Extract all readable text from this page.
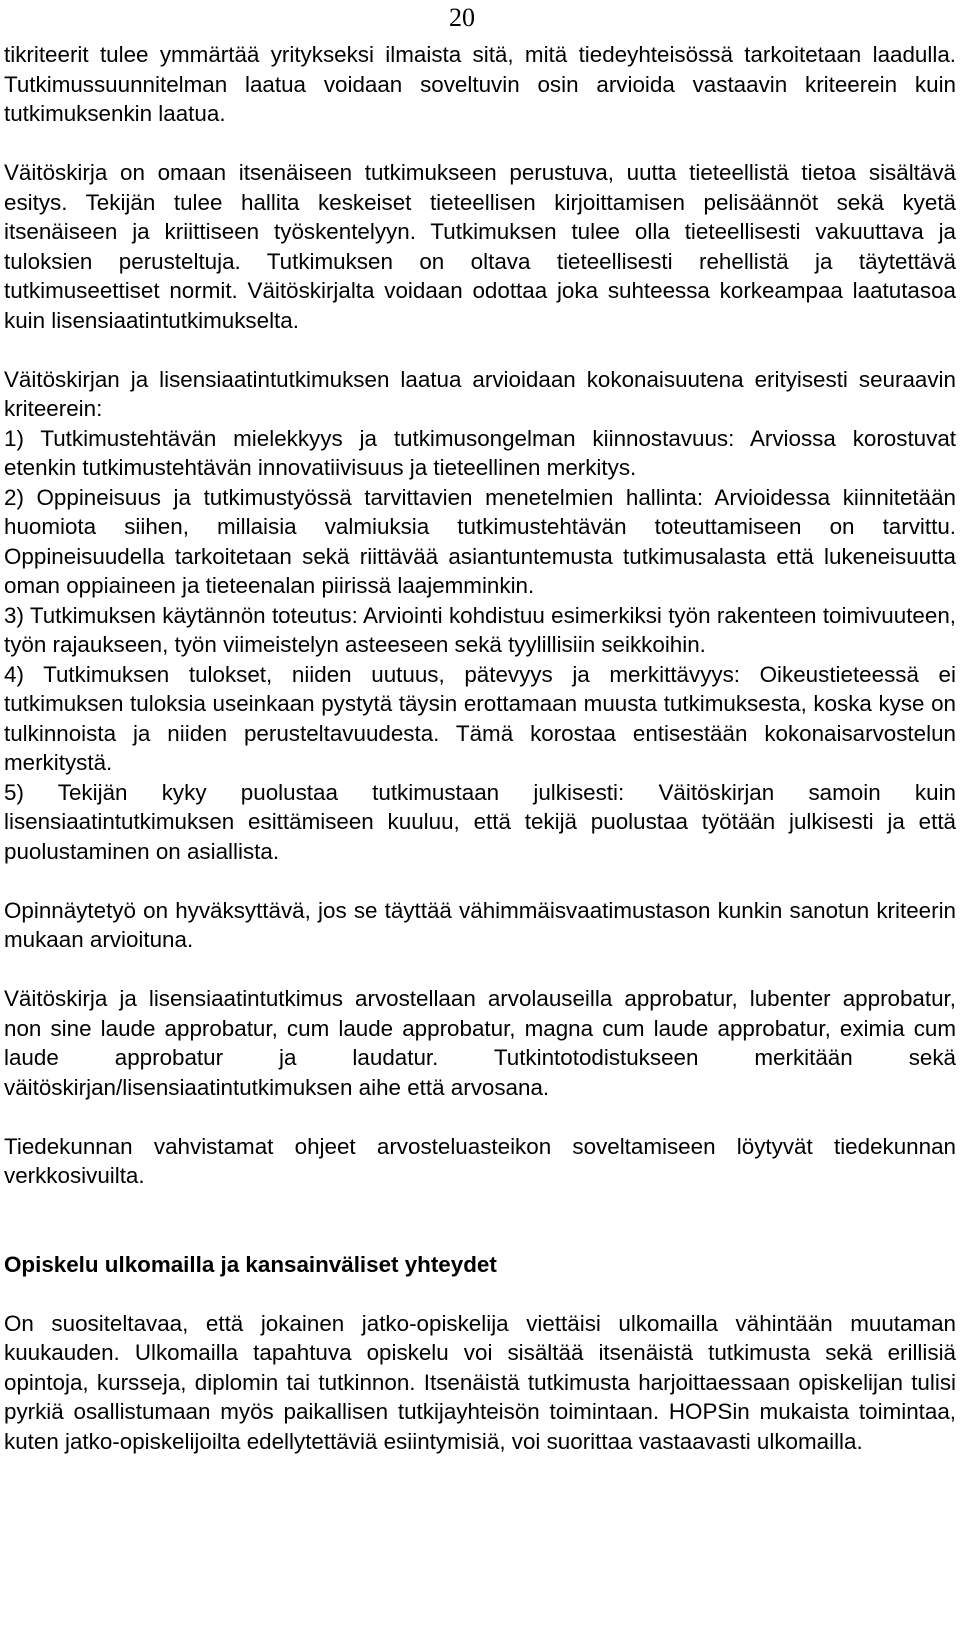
20

tikriteerit tulee ymmärtää yritykseksi ilmaista sitä, mitä tiedeyhteisössä tarkoitetaan laadulla. Tutkimussuunnitelman laatua voidaan soveltuvin osin arvioida vastaavin kriteerein kuin tutkimuksenkin laatua.

Väitöskirja on omaan itsenäiseen tutkimukseen perustuva, uutta tieteellistä tietoa sisältävä esitys. Tekijän tulee hallita keskeiset tieteellisen kirjoittamisen pelisäännöt sekä kyetä itsenäiseen ja kriittiseen työskentelyyn. Tutkimuksen tulee olla tieteellisesti vakuuttava ja tuloksien perusteltuja. Tutkimuksen on oltava tieteellisesti rehellistä ja täytettävä tutkimuseettiset normit. Väitöskirjalta voidaan odottaa joka suhteessa korkeampaa laatutasoa kuin lisensiaatintutkimukselta.

Väitöskirjan ja lisensiaatintutkimuksen laatua arvioidaan kokonaisuutena erityisesti seuraavin kriteerein:

1) Tutkimustehtävän mielekkyys ja tutkimusongelman kiinnostavuus: Arviossa korostuvat etenkin tutkimustehtävän innovatiivisuus ja tieteellinen merkitys.

2) Oppineisuus ja tutkimustyössä tarvittavien menetelmien hallinta: Arvioidessa kiinnitetään huomiota siihen, millaisia valmiuksia tutkimustehtävän toteuttamiseen on tarvittu. Oppineisuudella tarkoitetaan sekä riittävää asiantuntemusta tutkimusalasta että lukeneisuutta oman oppiaineen ja tieteenalan piirissä laajemminkin.

3) Tutkimuksen käytännön toteutus: Arviointi kohdistuu esimerkiksi työn rakenteen toimivuuteen, työn rajaukseen, työn viimeistelyn asteeseen sekä tyylillisiin seikkoihin.

4) Tutkimuksen tulokset, niiden uutuus, pätevyys ja merkittävyys: Oikeustieteessä ei tutkimuksen tuloksia useinkaan pystytä täysin erottamaan muusta tutkimuksesta, koska kyse on tulkinnoista ja niiden perusteltavuudesta. Tämä korostaa entisestään kokonaisarvostelun merkitystä.

5) Tekijän kyky puolustaa tutkimustaan julkisesti: Väitöskirjan samoin kuin lisensiaatintutkimuksen esittämiseen kuuluu, että tekijä puolustaa työtään julkisesti ja että puolustaminen on asiallista.

Opinnäytetyö on hyväksyttävä, jos se täyttää vähimmäisvaatimustason kunkin sanotun kriteerin mukaan arvioituna.

Väitöskirja ja lisensiaatintutkimus arvostellaan arvolauseilla approbatur, lubenter approbatur, non sine laude approbatur, cum laude approbatur, magna cum laude approbatur, eximia cum laude approbatur ja laudatur. Tutkintotodistukseen merkitään sekä väitöskirjan/lisensiaatintutkimuksen aihe että arvosana.

Tiedekunnan vahvistamat ohjeet arvosteluasteikon soveltamiseen löytyvät tiedekunnan verkkosivuilta.

Opiskelu ulkomailla ja kansainväliset yhteydet

On suositeltavaa, että jokainen jatko-opiskelija viettäisi ulkomailla vähintään muutaman kuukauden. Ulkomailla tapahtuva opiskelu voi sisältää itsenäistä tutkimusta sekä erillisiä opintoja, kursseja, diplomin tai tutkinnon. Itsenäistä tutkimusta harjoittaessaan opiskelijan tulisi pyrkiä osallistumaan myös paikallisen tutkijayhteisön toimintaan. HOPSin mukaista toimintaa, kuten jatko-opiskelijoilta edellytettäviä esiintymisiä, voi suorittaa vastaavasti ulkomailla.
